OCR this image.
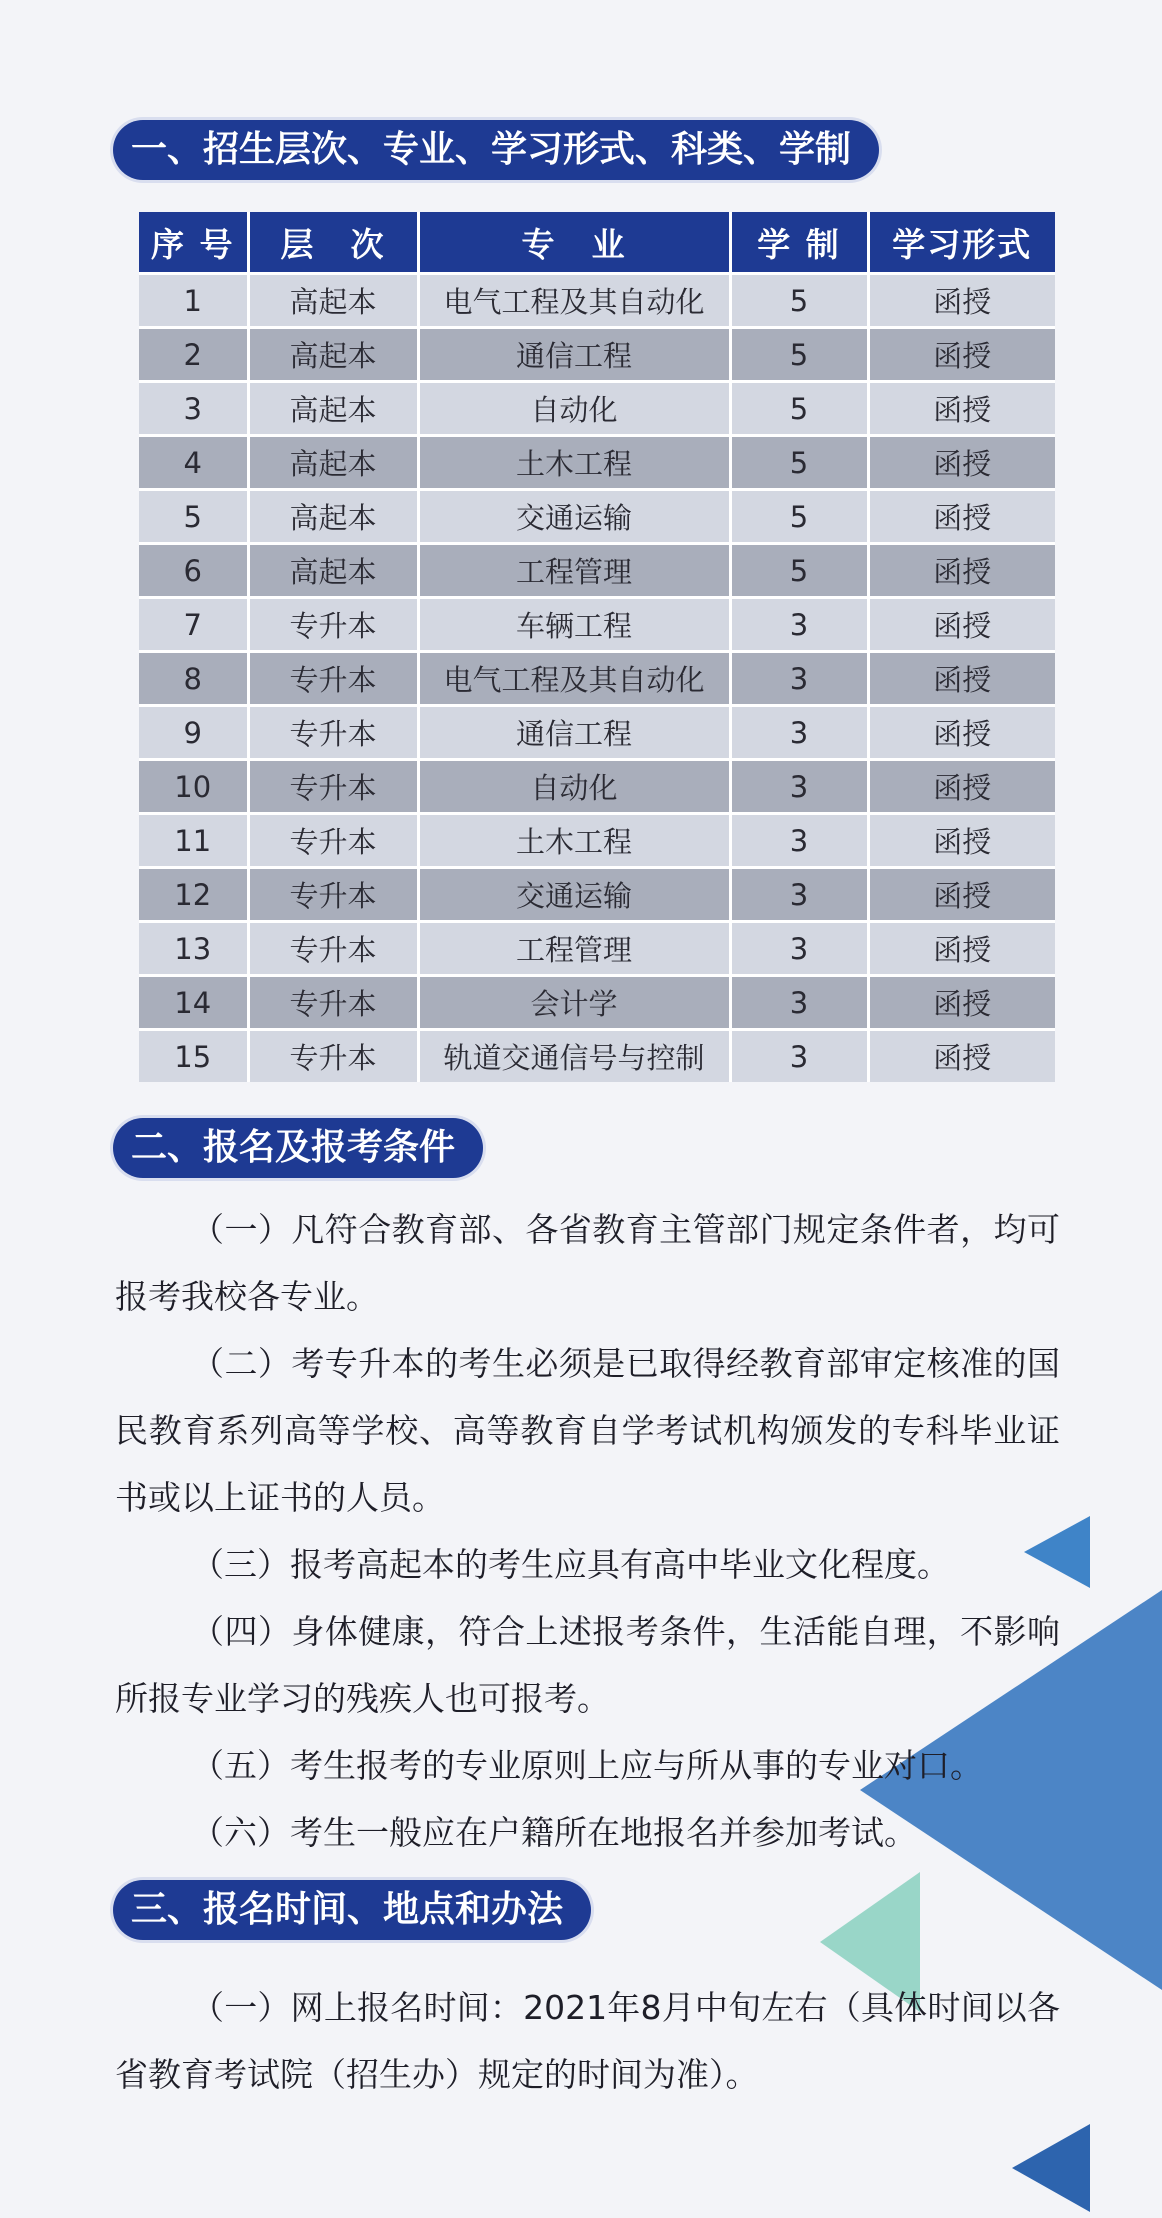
一、招生层次、专业、学习形式、科类、学制
序 号	层　次	专　业	学 制	学习形式
1	高起本	电气工程及其自动化	5	函授
2	高起本	通信工程	5	函授
3	高起本	自动化	5	函授
4	高起本	土木工程	5	函授
5	高起本	交通运输	5	函授
6	高起本	工程管理	5	函授
7	专升本	车辆工程	3	函授
8	专升本	电气工程及其自动化	3	函授
9	专升本	通信工程	3	函授
10	专升本	自动化	3	函授
11	专升本	土木工程	3	函授
12	专升本	交通运输	3	函授
13	专升本	工程管理	3	函授
14	专升本	会计学	3	函授
15	专升本	轨道交通信号与控制	3	函授
二、报名及报考条件

（一）凡符合教育部、各省教育主管部门规定条件者，均可报考我校各专业。

（二）考专升本的考生必须是已取得经教育部审定核准的国民教育系列高等学校、高等教育自学考试机构颁发的专科毕业证书或以上证书的人员。

（三）报考高起本的考生应具有高中毕业文化程度。

（四）身体健康，符合上述报考条件，生活能自理，不影响所报专业学习的残疾人也可报考。

（五）考生报考的专业原则上应与所从事的专业对口。

（六）考生一般应在户籍所在地报名并参加考试。

三、报名时间、地点和办法

（一）网上报名时间：2021年8月中旬左右（具体时间以各省教育考试院（招生办）规定的时间为准）。
